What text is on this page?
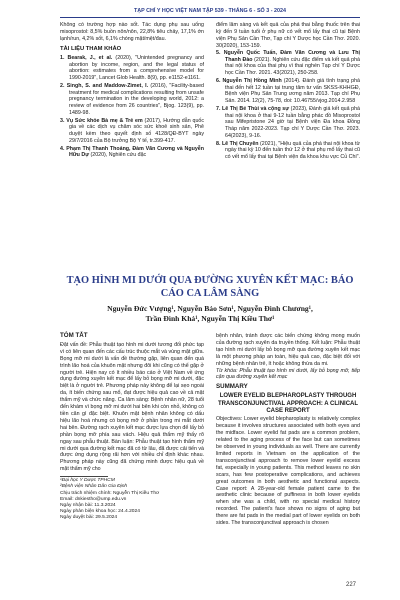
TẠP CHÍ Y HỌC VIỆT NAM TẬP 539 - THÁNG 6 - SỐ 3 - 2024

Không có trường hợp nào sốt. Tác dụng phụ sau uống misoprostol: 8,5% buồn nôn/nôn, 22,8% tiêu chảy, 17,1% ớn lạnh/run, 4,2% sốt, 6,1% chóng mặt/mệt/đau.

TÀI LIỆU THAM KHẢO

1. Bearak, J., et al. (2020), "Unintended pregnancy and abortion by income, region, and the legal status of abortion: estimates from a comprehensive model for 1990-2019", Lancet Glob Health. 8(9), pp. e1152-e1161.

2. Singh, S. and Maddow-Zimet, I. (2016), "Facility-based treatment for medical complications resulting from unsafe pregnancy termination in the developing world, 2012: a review of evidence from 26 countries", Bjog. 123(9), pp. 1489-98.

3. Vụ Sức khỏe Bà mẹ & Trẻ em (2017), Hướng dẫn quốc gia về các dịch vụ chăm sóc sức khoẻ sinh sản, Phê duyệt kèm theo quyết định số 4128/QĐ-BYT ngày 29/7/2016 của Bộ trưởng Bộ Y tế, tr.399-417.

4. Phạm Thị Thanh Thoảng, Đàm Văn Cương và Nguyễn Hữu Dự (2020), Nghiên cứu đặc

điểm lâm sàng và kết quả của phá thai bằng thuốc trên thai kỳ đến 9 tuần tuổi ở phụ nữ có vết mổ lấy thai cũ tại Bệnh viện Phụ Sản Cần Thơ, Tạp chí Y Dược học Cần Thơ. 2020. 30(2020), 153-159.

5. Nguyễn Quốc Tuấn, Đàm Văn Cương và Lưu Thị Thanh Đào (2021). Nghiên cứu đặc điểm và kết quả phá thai nội khoa của thai phụ vì thai nghén Tạp chí Y Dược học Cần Thơ. 2021. 43(2021), 250-258.

6. Nguyễn Thị Hồng Minh (2014). Đánh giá tình trạng phá thai đến hết 12 tuần tại trung tâm tư vấn SKSS-KHHGĐ, Bệnh viện Phụ Sản Trung ương năm 2013. Tạp chí Phụ Sản. 2014. 12(2), 75-78, doi: 10.46755/vjog.2014.2.958

7. Lê Thị Bé Thùi và cộng sự (2023), Đánh giá kết quả phá thai nội khoa ở thai 9-12 tuần bằng phác đồ Misoprostol sau Mifepristone 24 giờ tại Bệnh viện Đa khoa Đồng Tháp năm 2022-2023. Tạp chí Y Dược Cần Thơ. 2023. 64(2023), 9-16.

8. Lê Thị Chuyên (2021), "Hiệu quả của phá thai nội khoa từ ngày thai kỳ 10 đến tuần thứ 12 ở thai phụ mổ lấy thai cũ có vết mổ lấy thai tại Bệnh viện đa khoa khu vực Củ Chi".

TẠO HÌNH MI DƯỚI QUA ĐƯỜNG XUYÊN KẾT MẠC: BÁO CÁO CA LÂM SÀNG
Nguyễn Đức Vượng¹, Nguyễn Bảo Sơn¹, Nguyễn Đình Chương¹,
Trần Đình Khả¹, Nguyễn Thị Kiều Thơ¹

TÓM TẮT

Đặt vấn đề: Phẫu thuật tạo hình mi dưới tương đối phức tạp vì có liên quan đến các cấu trúc thuộc mắt và vùng mặt giữa. Bọng mỡ mi dưới là vấn đề thường gặp, liên quan đến quá trình lão hoá của khuôn mặt nhưng đôi khi cũng có thể gặp ở người trẻ. Hiện nay có ít nhiều báo cáo ở Việt Nam về ứng dụng đường xuyên kết mạc để lấy bỏ bọng mỡ mi dưới, đặc biệt là ở người trẻ. Phương pháp này không để lại sẹo ngoài da, ít biến chứng sau mổ, đạt được hiệu quả cao về cả mặt thẩm mỹ và chức năng. Ca lâm sàng: Bệnh nhân nữ, 28 tuổi đến khám vì bọng mỡ mi dưới hai bên khi còn nhỏ, không có tiền căn gì đặc biệt. Khuôn mặt bệnh nhân không có dấu hiệu lão hoá nhưng có bọng mỡ ở phần trong mi mắt dưới hai bên. Đường rạch xuyên kết mạc được lựa chọn để lấy bỏ phần bọng mỡ phía sau vách. Hiệu quả thẩm mỹ thấy rõ ngay sau phẫu thuật. Bàn luận: Phẫu thuật tạo hình thẩm mỹ mi dưới qua đường kết mạc đã có từ lâu, đã được cải tiến và được ứng dụng rộng rãi hơn với nhiều chỉ định khác nhau. Phương pháp này cũng đã chứng minh được hiệu quả về mặt thẩm mỹ cho

¹Đại học Y Dược TPHCM

²Bệnh viện Nhân Dân Gia Định

Chịu trách nhiệm chính: Nguyễn Thị Kiều Thơ

Email: dnkiestho@ump.edu.vn

Ngày nhận bài: 11.3.2024

Ngày phản biện khoa học: 24.4.2024

Ngày duyệt bài: 29.5.2024

bệnh nhân, tránh được các biến chứng không mong muốn của đường rạch xuyên da truyền thống. Kết luận: Phẫu thuật tạo hình mi dưới lấy bỏ bọng mỡ qua đường xuyên kết mạc là một phương pháp an toàn, hiệu quả cao, đặc biệt đối với những bệnh nhân trẻ, ít hoặc không thừa da mi.

Từ khóa: Phẫu thuật tạo hình mi dưới, lấy bỏ bọng mỡ, tiếp cận qua đường xuyên kết mạc

SUMMARY

LOWER EYELID BLEPHAROPLASTY THROUGH TRANSCONJUNCTIVAL APPROACH: A CLINICAL CASE REPORT

Objectives: Lower eyelid blepharoplasty is relatively complex because it involves structures associated with both eyes and the midface. Lower eyelid fat pads are a common problem, related to the aging process of the face but can sometimes be observed in young individuals as well. There are currently limited reports in Vietnam on the application of the transconjunctival approach to remove lower eyelid excess fat, especially in young patients. This method leaves no skin scars, has few postoperative complications, and achieves great outcomes in both aesthetic and functional aspects. Case report: A 28-year-old female patient came to the aesthetic clinic because of puffiness in both lower eyelids when she was a child, with no special medical history recorded. The patient's face shows no signs of aging but there are fat pads in the medial part of lower eyelids on both sides. The transconjunctival approach is chosen

227
